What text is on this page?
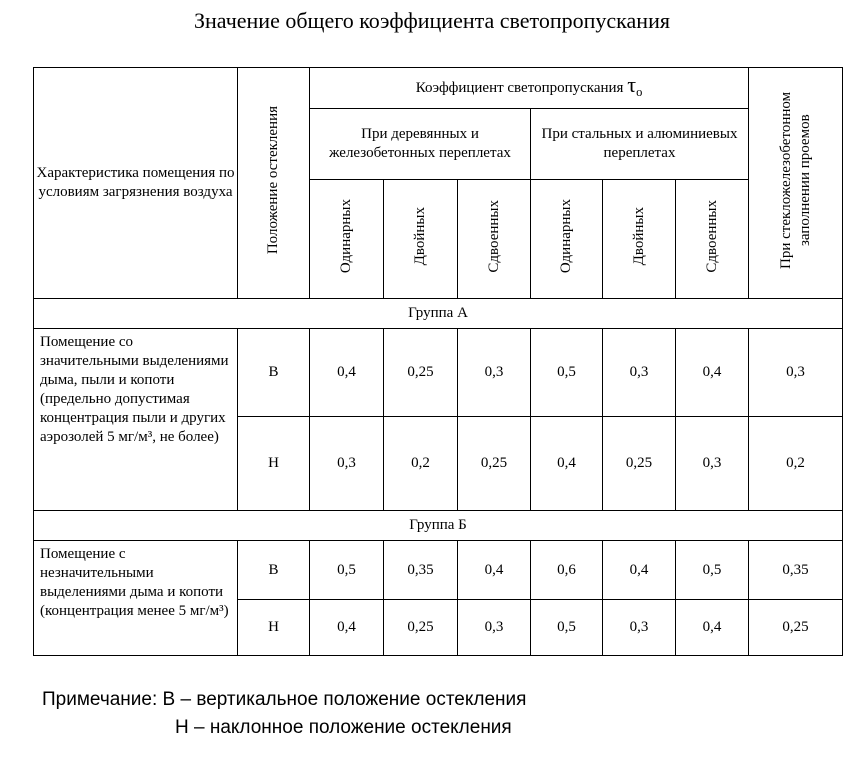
Значение общего коэффициента светопропускания
Характеристика помещения по условиям загрязнения воздуха	Положение остекления	Коэффициент светопропускания $\tau_о$						При стекложелезобетонном заполнении проемов
		При деревянных и железобетонных переплетах			При стальных и алюминиевых переплетах			
		Одинарных	Двойных	Сдвоенных	Одинарных	Двойных	Сдвоенных	
Группа А								
Помещение со значительными выделениями дыма, пыли и копоти (предельно допустимая концентрация пыли и других аэрозолей 5 мг/м³, не более)	В	0,4	0,25	0,3	0,5	0,3	0,4	0,3
	Н	0,3	0,2	0,25	0,4	0,25	0,3	0,2
Группа Б								
Помещение с незначительными выделениями дыма и копоти (концентрация менее 5 мг/м³)	В	0,5	0,35	0,4	0,6	0,4	0,5	0,35
	Н	0,4	0,25	0,3	0,5	0,3	0,4	0,25
Примечание: В – вертикальное положение остекления
Н – наклонное положение остекления
